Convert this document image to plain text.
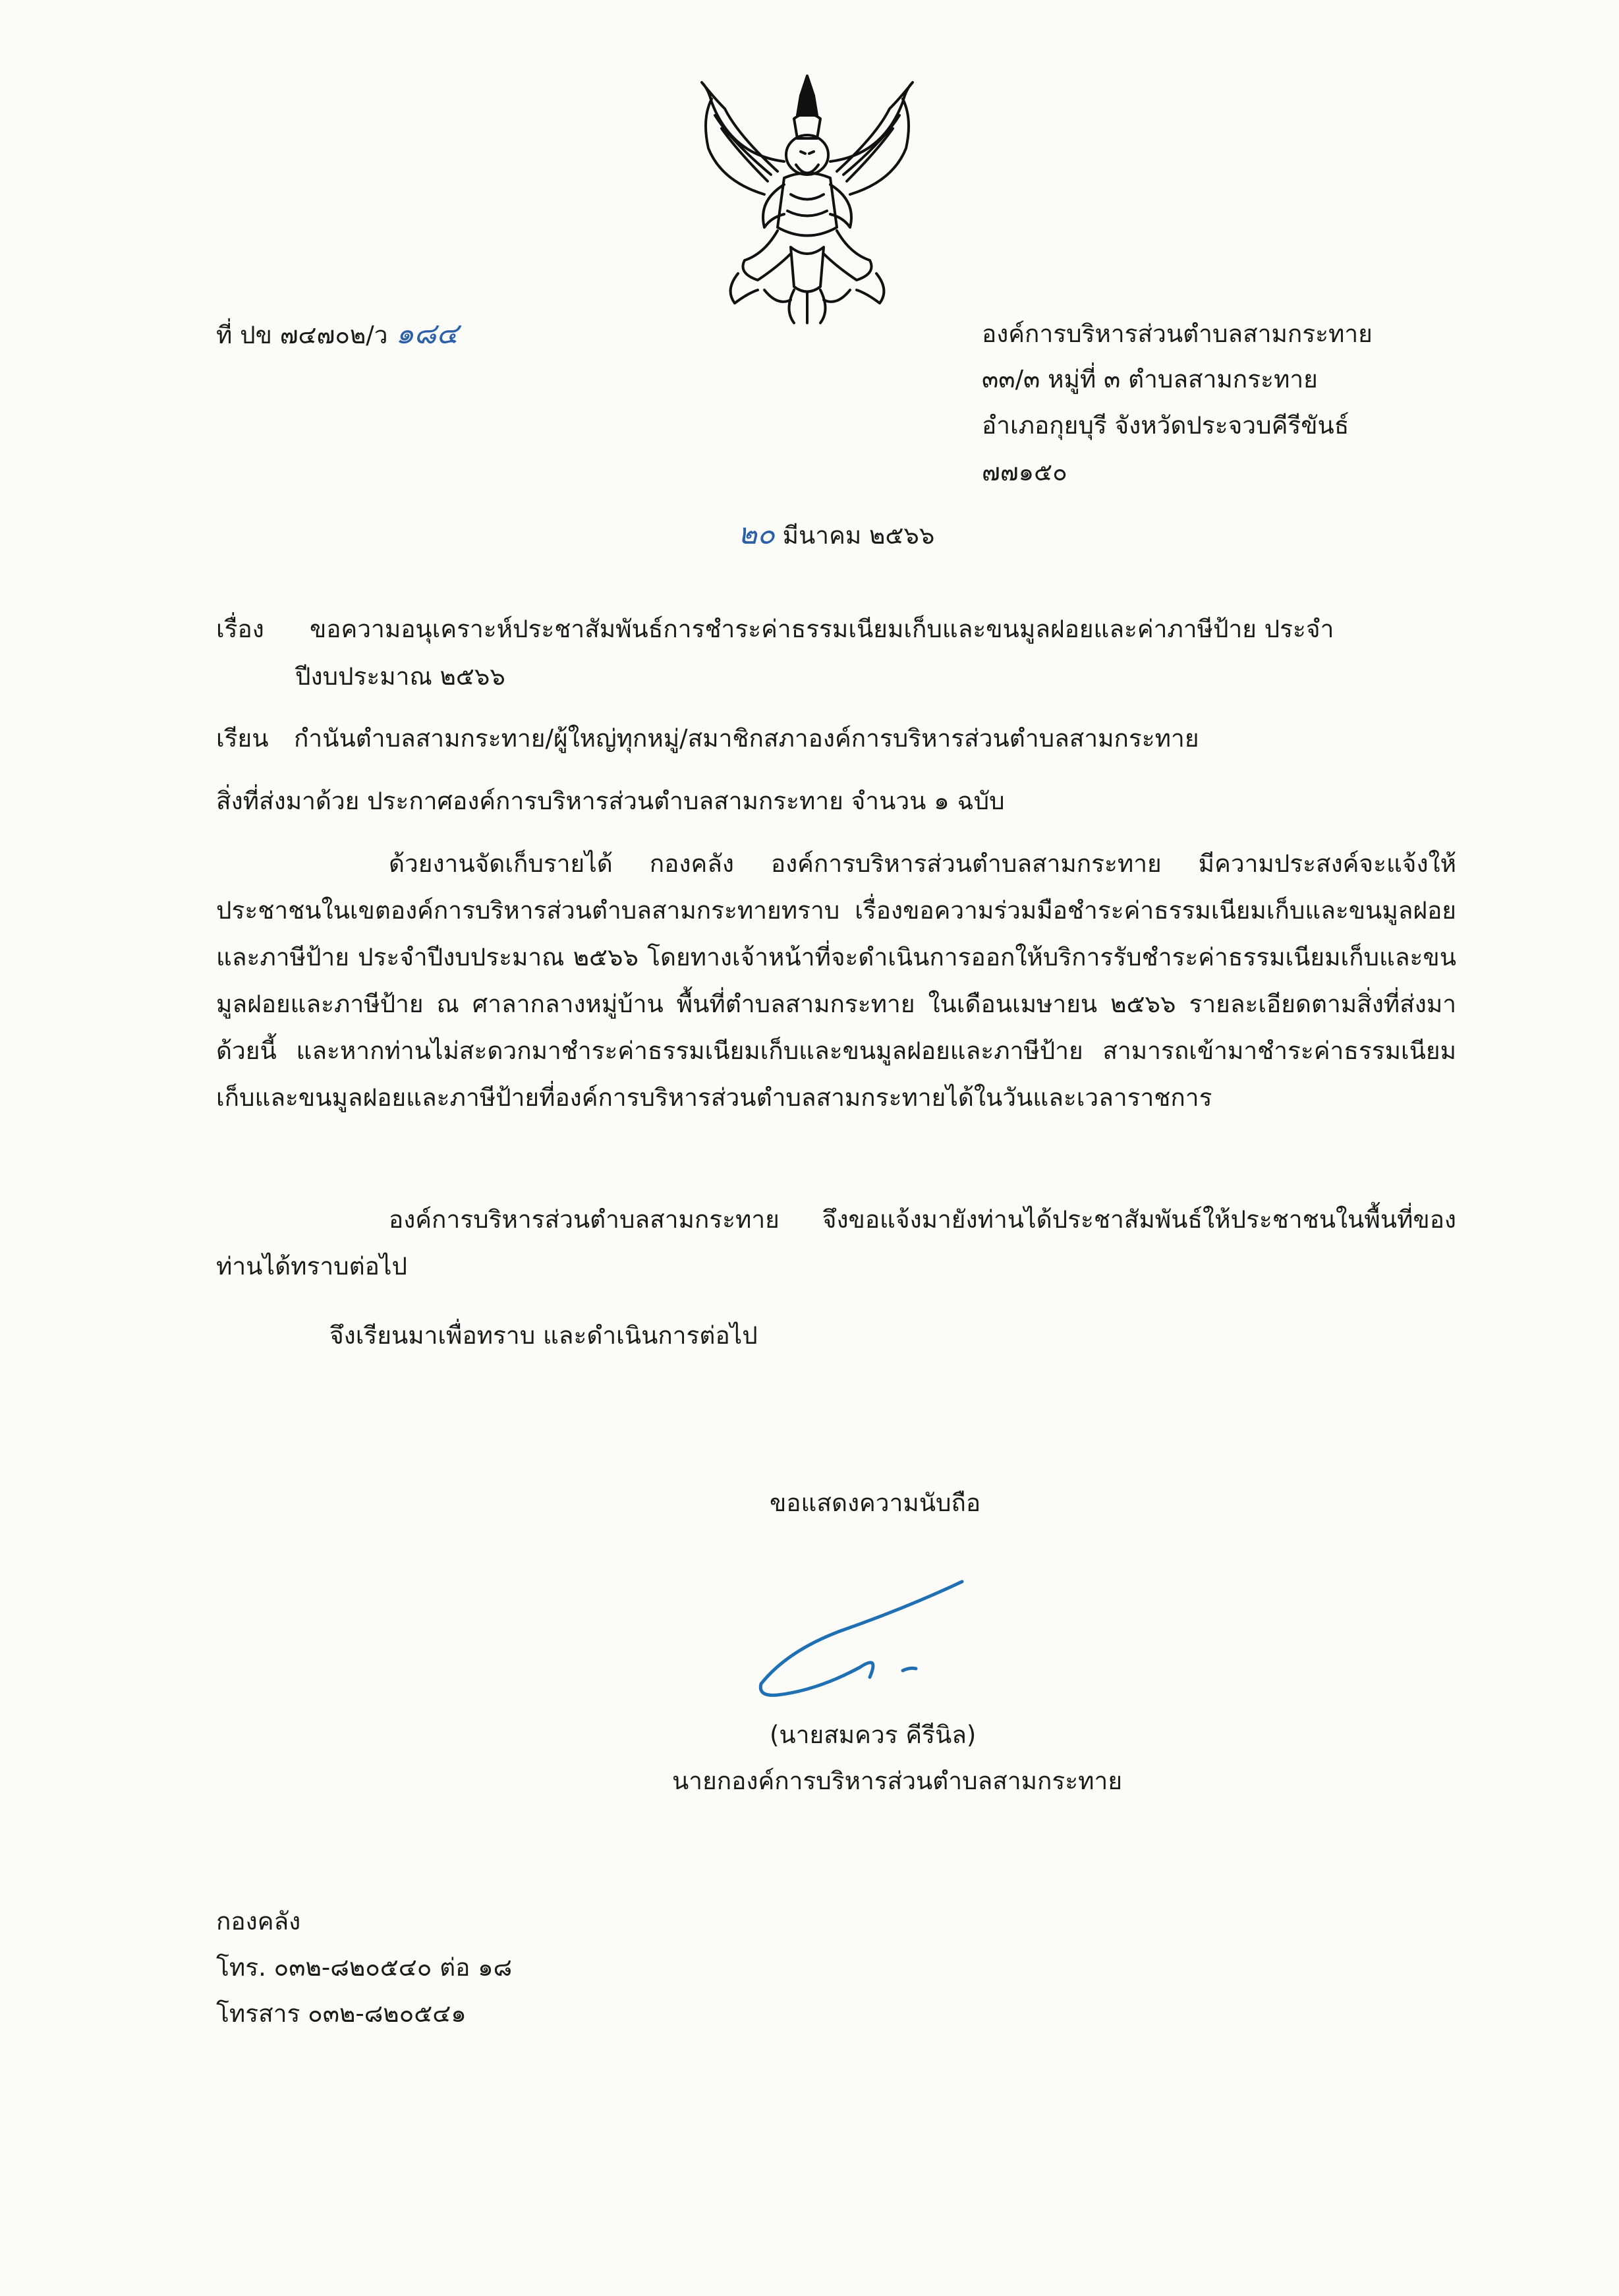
ที่ ปข ๗๔๗๐๒/ว ๑๘๔	องค์การบริหารส่วนตำบลสามกระทาย
๓๓/๓ หมู่ที่ ๓ ตำบลสามกระทาย
อำเภอกุยบุรี จังหวัดประจวบคีรีขันธ์
๗๗๑๕๐
๒๐ มีนาคม ๒๕๖๖
เรื่อง ขอความอนุเคราะห์ประชาสัมพันธ์การชำระค่าธรรมเนียมเก็บและขนมูลฝอยและค่าภาษีป้าย ประจำ
ปีงบประมาณ ๒๕๖๖
เรียน กำนันตำบลสามกระทาย/ผู้ใหญ่ทุกหมู่/สมาชิกสภาองค์การบริหารส่วนตำบลสามกระทาย
สิ่งที่ส่งมาด้วย ประกาศองค์การบริหารส่วนตำบลสามกระทาย จำนวน ๑ ฉบับ
ด้วยงานจัดเก็บรายได้ กองคลัง องค์การบริหารส่วนตำบลสามกระทาย มีความประสงค์จะแจ้งให้ประชาชนในเขตองค์การบริหารส่วนตำบลสามกระทายทราบ เรื่องขอความร่วมมือชำระค่าธรรมเนียมเก็บและขนมูลฝอยและภาษีป้าย ประจำปีงบประมาณ ๒๕๖๖ โดยทางเจ้าหน้าที่จะดำเนินการออกให้บริการรับชำระค่าธรรมเนียมเก็บและขนมูลฝอยและภาษีป้าย ณ ศาลากลางหมู่บ้าน พื้นที่ตำบลสามกระทาย ในเดือนเมษายน ๒๕๖๖ รายละเอียดตามสิ่งที่ส่งมาด้วยนี้ และหากท่านไม่สะดวกมาชำระค่าธรรมเนียมเก็บและขนมูลฝอยและภาษีป้าย สามารถเข้ามาชำระค่าธรรมเนียมเก็บและขนมูลฝอยและภาษีป้ายที่องค์การบริหารส่วนตำบลสามกระทายได้ในวันและเวลาราชการ
องค์การบริหารส่วนตำบลสามกระทาย จึงขอแจ้งมายังท่านได้ประชาสัมพันธ์ให้ประชาชนในพื้นที่ของท่านได้ทราบต่อไป
จึงเรียนมาเพื่อทราบ และดำเนินการต่อไป
ขอแสดงความนับถือ
(นายสมควร คีรีนิล)
นายกองค์การบริหารส่วนตำบลสามกระทาย
กองคลัง
โทร. ๐๓๒-๘๒๐๕๔๐ ต่อ ๑๘
โทรสาร ๐๓๒-๘๒๐๕๔๑
